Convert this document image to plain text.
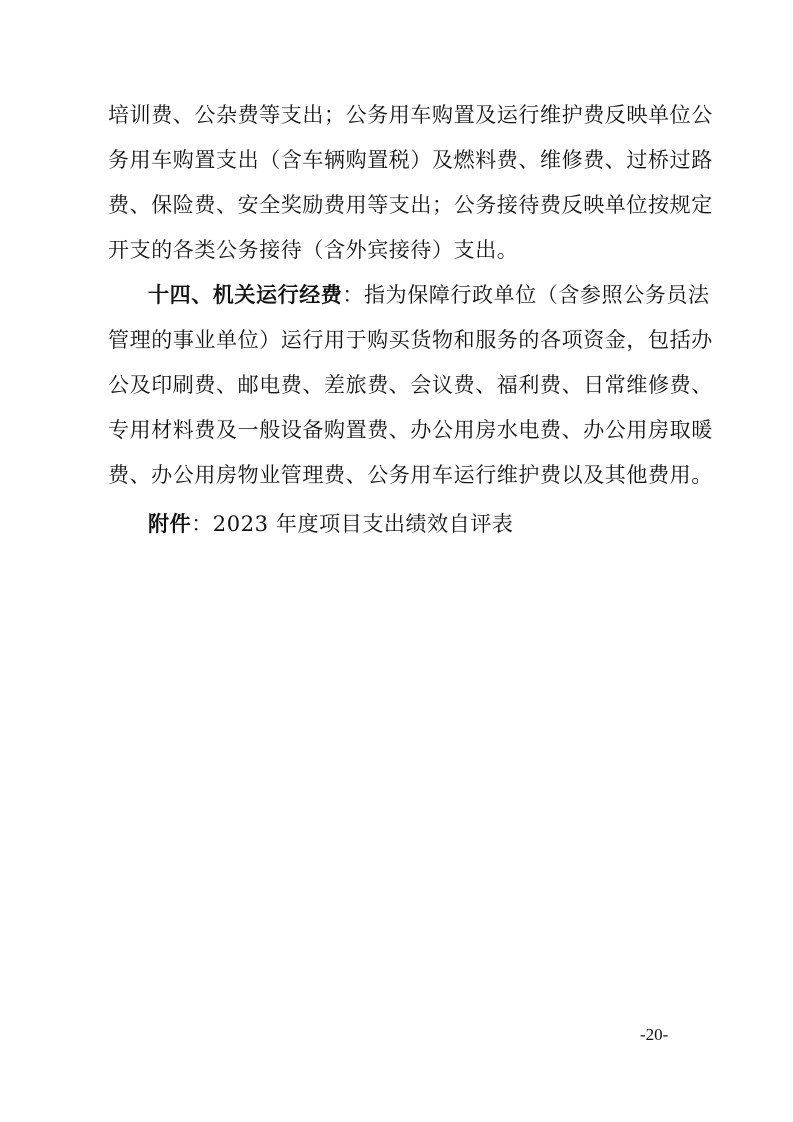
培训费、公杂费等支出；公务用车购置及运行维护费反映单位公
务用车购置支出（含车辆购置税）及燃料费、维修费、过桥过路
费、保险费、安全奖励费用等支出；公务接待费反映单位按规定
开支的各类公务接待（含外宾接待）支出。
十四、机关运行经费：指为保障行政单位（含参照公务员法
管理的事业单位）运行用于购买货物和服务的各项资金，包括办
公及印刷费、邮电费、差旅费、会议费、福利费、日常维修费、
专用材料费及一般设备购置费、办公用房水电费、办公用房取暖
费、办公用房物业管理费、公务用车运行维护费以及其他费用。
附件：2023 年度项目支出绩效自评表
-20-
